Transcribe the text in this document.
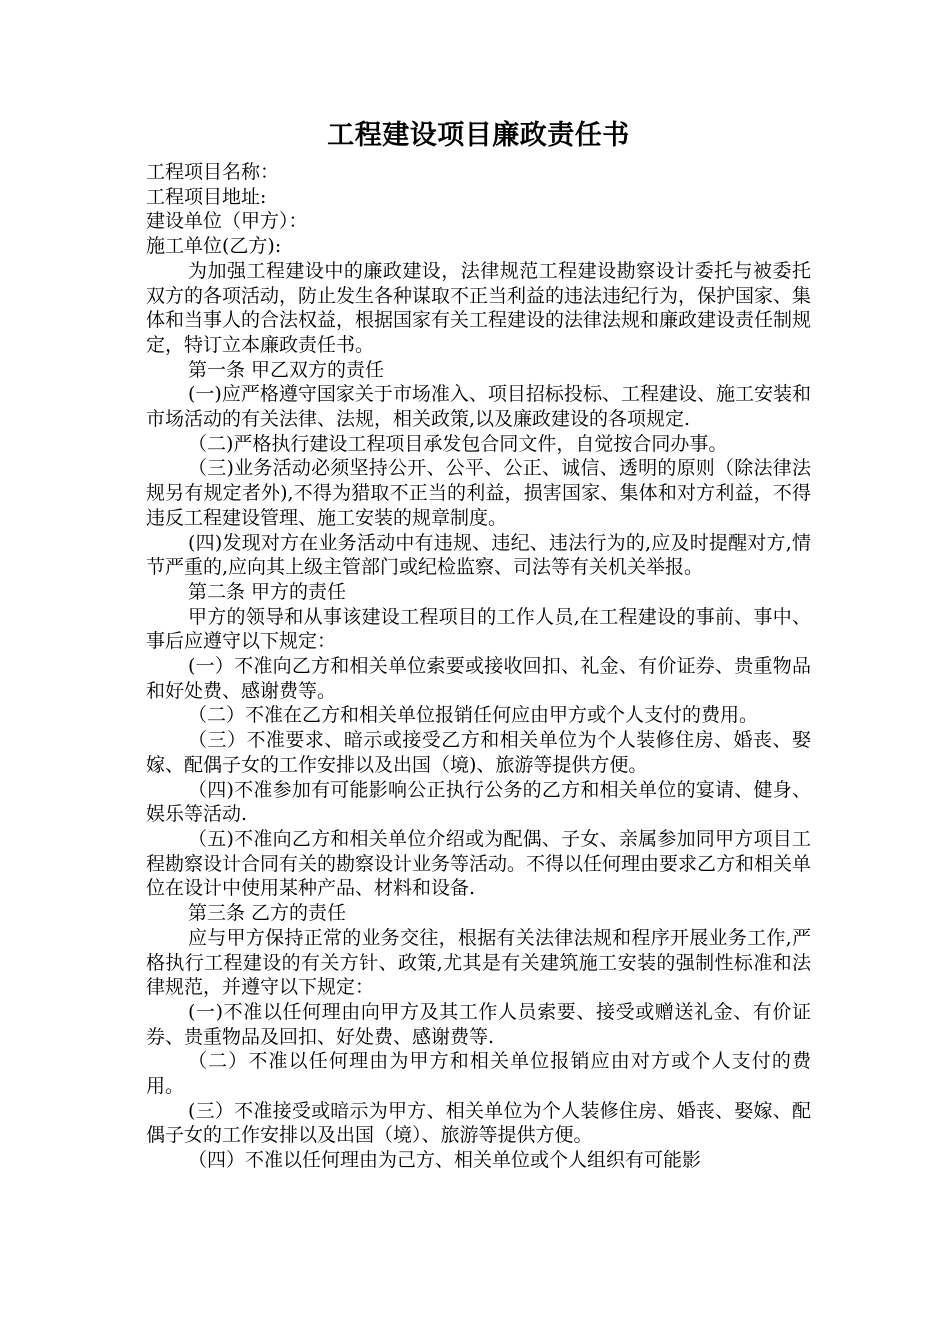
工程建设项目廉政责任书

工程项目名称：

工程项目地址:

建设单位（甲方）：

施工单位(乙方):

为加强工程建设中的廉政建设，法律规范工程建设勘察设计委托与被委托双方的各项活动，防止发生各种谋取不正当利益的违法违纪行为，保护国家、集体和当事人的合法权益，根据国家有关工程建设的法律法规和廉政建设责任制规定，特订立本廉政责任书。

第一条 甲乙双方的责任

(一)应严格遵守国家关于市场准入、项目招标投标、工程建设、施工安装和市场活动的有关法律、法规，相关政策,以及廉政建设的各项规定.

（二)严格执行建设工程项目承发包合同文件，自觉按合同办事。

（三)业务活动必须坚持公开、公平、公正、诚信、透明的原则（除法律法规另有规定者外),不得为猎取不正当的利益，损害国家、集体和对方利益，不得违反工程建设管理、施工安装的规章制度。

(四)发现对方在业务活动中有违规、违纪、违法行为的,应及时提醒对方,情节严重的,应向其上级主管部门或纪检监察、司法等有关机关举报。

第二条 甲方的责任

甲方的领导和从事该建设工程项目的工作人员,在工程建设的事前、事中、事后应遵守以下规定：

(一）不准向乙方和相关单位索要或接收回扣、礼金、有价证券、贵重物品和好处费、感谢费等。

（二）不准在乙方和相关单位报销任何应由甲方或个人支付的费用。

（三）不准要求、暗示或接受乙方和相关单位为个人装修住房、婚丧、娶嫁、配偶子女的工作安排以及出国（境)、旅游等提供方便。

（四)不准参加有可能影响公正执行公务的乙方和相关单位的宴请、健身、娱乐等活动.

（五)不准向乙方和相关单位介绍或为配偶、子女、亲属参加同甲方项目工程勘察设计合同有关的勘察设计业务等活动。不得以任何理由要求乙方和相关单位在设计中使用某种产品、材料和设备.

第三条 乙方的责任

应与甲方保持正常的业务交往，根据有关法律法规和程序开展业务工作,严格执行工程建设的有关方针、政策,尤其是有关建筑施工安装的强制性标准和法律规范，并遵守以下规定：

(一)不准以任何理由向甲方及其工作人员索要、接受或赠送礼金、有价证券、贵重物品及回扣、好处费、感谢费等.

（二）不准以任何理由为甲方和相关单位报销应由对方或个人支付的费用。

(三）不准接受或暗示为甲方、相关单位为个人装修住房、婚丧、娶嫁、配偶子女的工作安排以及出国（境）、旅游等提供方便。

（四）不准以任何理由为己方、相关单位或个人组织有可能影
